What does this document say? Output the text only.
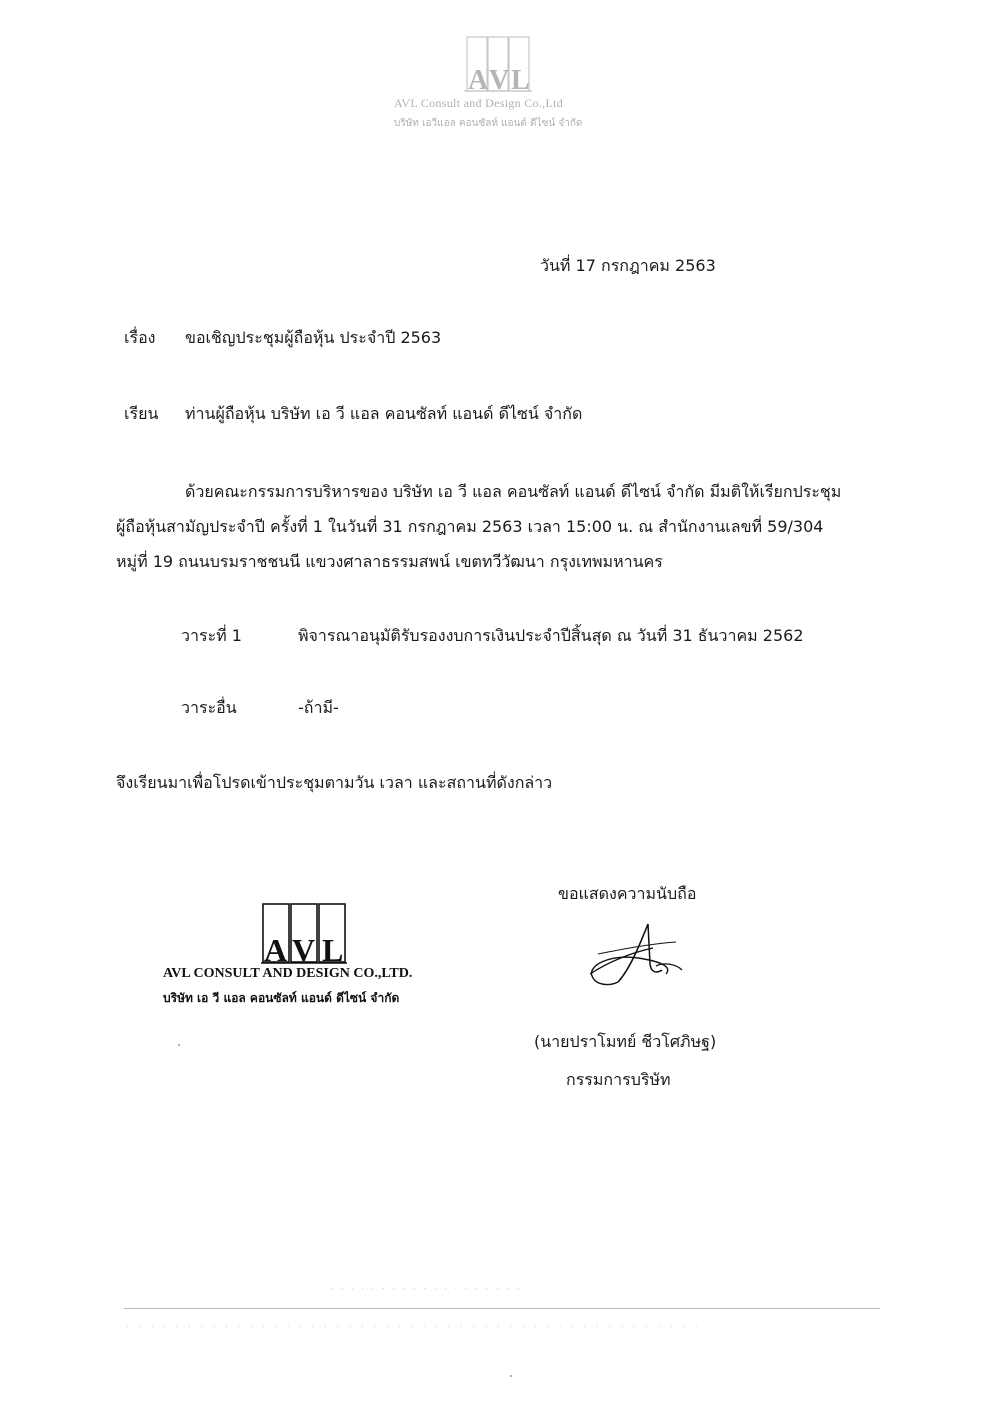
A V L
AVL Consult and Design Co.,Ltd
บริษัท เอวีแอล คอนซัลท์ แอนด์ ดีไซน์ จำกัด
วันที่ 17 กรกฎาคม 2563
เรื่อง ขอเชิญประชุมผู้ถือหุ้น ประจำปี 2563
เรียน ท่านผู้ถือหุ้น บริษัท เอ วี แอล คอนซัลท์ แอนด์ ดีไซน์ จำกัด
ด้วยคณะกรรมการบริหารของ บริษัท เอ วี แอล คอนซัลท์ แอนด์ ดีไซน์ จำกัด มีมติให้เรียกประชุม
ผู้ถือหุ้นสามัญประจำปี ครั้งที่ 1 ในวันที่ 31 กรกฎาคม 2563 เวลา 15:00 น. ณ สำนักงานเลขที่ 59/304
หมู่ที่ 19 ถนนบรมราชชนนี แขวงศาลาธรรมสพน์ เขตทวีวัฒนา กรุงเทพมหานคร
วาระที่ 1	พิจารณาอนุมัติรับรองงบการเงินประจำปีสิ้นสุด ณ วันที่ 31 ธันวาคม 2562
วาระอื่น	-ถ้ามี-
จึงเรียนมาเพื่อโปรดเข้าประชุมตามวัน เวลา และสถานที่ดังกล่าว
ขอแสดงความนับถือ
A V L
AVL CONSULT AND DESIGN CO.,LTD.
บริษัท เอ วี แอล คอนซัลท์ แอนด์ ดีไซน์ จำกัด
(นายปราโมทย์ ชีวโศภิษฐ)
กรรมการบริษัท
· · · · · · · · · · · · · · · · · · ·
· · · · · · · · · · · · · · · · · · · · · · · · · · · · · · · · · · · · · · · · · · · · · · ·
